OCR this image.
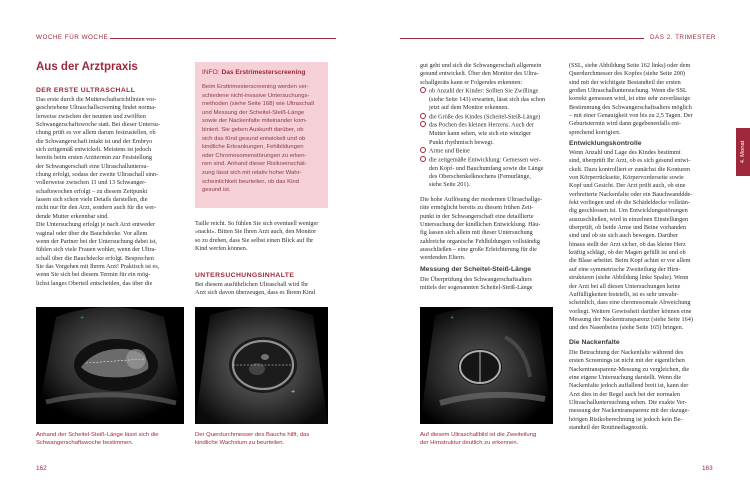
WOCHE FÜR WOCHE	DAS 2. TRIMESTER
4. Monat
Aus der Arztpraxis
DER ERSTE ULTRASCHALL

Das erste durch die Mutterschaftsrichtlinien vor-

geschriebene Ultraschallscreening findet norma-

lerweise zwischen der neunten und zwölften

Schwangerschaftswoche statt. Bei dieser Untersu-

chung prüft es vor allem darum festzustellen, ob

die Schwangerschaft intakt ist und der Embryo

sich zeitgemäß entwickelt. Meistens ist jedoch

bereits beim ersten Arzttermin zur Feststellung

der Schwangerschaft eine Ultraschalluntersu-

chung erfolgt, sodass der zweite Ultraschall sinn-

vollerweise zwischen 11 und 13 Schwanger-

schaftswochen erfolgt – zu diesem Zeitpunkt

lassen sich schon viele Details darstellen, die

nicht nur für den Arzt, sondern auch für die wer-

dende Mutter erkennbar sind.

Die Untersuchung erfolgt je nach Arzt entweder

vaginal oder über die Bauchdecke. Vor allem

wenn der Partner bei der Untersuchung dabei ist,

fühlen sich viele Frauen wohler, wenn der Ultra-

schall über die Bauchdecke erfolgt. Besprechen

Sie das Vorgehen mit Ihrem Arzt! Praktisch ist es,

wenn Sie sich bei diesem Termin für ein mög-

lichst langes Oberteil entscheiden, das über die

INFO: Das Erstrimesterscreening

Beim Ersttrimesterscreening werden ver-

schiedene nicht-invasive Untersuchungs-

methoden (siehe Seite 168) wie Ultraschall

und Messung der Scheitel-Steiß-Länge

sowie der Nackenfalte miteinander kom-

biniert. Sie geben Auskunft darüber, ob

sich das Kind gesund entwickelt und ob

kindliche Erkrankungen, Fehlbildungen

oder Chromosomenstörungen zu erken-

nen sind. Anhand dieser Risikoeinschät-

zung lässt sich mit relativ hoher Wahr-

scheinlichkeit beurteilen, ob das Kind

gesund ist.

Taille reicht. So fühlen Sie sich eventuell weniger

»nackt«. Bitten Sie Ihren Arzt auch, den Monitor

so zu drehen, dass Sie selbst einen Blick auf Ihr

Kind werfen können.

UNTERSUCHUNGSINHALTE

Bei diesem ausführlichen Ultraschall wird Ihr

Arzt sich davon überzeugen, dass es Ihrem Kind

gut geht und sich die Schwangerschaft allgemein

gesund entwickelt. Über den Monitor des Ultra-

schallgeräts kann er Folgendes erkennen:

ob Anzahl der Kinder: Sollten Sie Zwillinge

(siehe Seite 143) erwarten, lässt sich das schon

jetzt auf dem Monitor erkennen.

die Größe des Kindes (Scheitel-Steiß-Länge)

das Pochen des kleinen Herzens. Auch der

Mutter kann sehen, wie sich ein winziger

Punkt rhythmisch bewegt.

Arme und Beine

die zeitgemäße Entwicklung: Gemessen wer-

den Kopf- und Bauchumfang sowie die Länge

des Oberschenkelknochens (Femurlänge,

siehe Seite 201).

Die hohe Auflösung der modernen Ultraschallge-

räte ermöglicht bereits zu diesem frühen Zeit-

punkt in der Schwangerschaft eine detaillierte

Untersuchung der kindlichen Entwicklung. Häu-

fig lassen sich allein mit dieser Untersuchung

zahlreiche organische Fehlbildungen vollständig

ausschließen – eine große Erleichterung für die

werdenden Eltern.

Messung der Scheitel-Steiß-Länge

Die Überprüfung des Schwangerschaftsalters

mittels der sogenannten Scheitel-Steiß-Länge

(SSL, siehe Abbildung Seite 162 links) oder dem

Querdurchmesser des Kopfes (siehe Seite 200)

sind mit der wichtigste Bestandteil der ersten

großen Ultraschalluntersuchung. Wenn die SSL

korrekt gemessen wird, ist eine sehr zuverlässige

Bestimmung des Schwangerschaftsalters möglich

– mit einer Genauigkeit von bis zu 2,5 Tagen. Der

Geburtstermin wird dann gegebenenfalls ent-

sprechend korrigiert.

Entwicklungskontrolle

Wenn Anzahl und Lage des Kindes bestimmt

sind, überprüft Ihr Arzt, ob es sich gesund entwi-

ckelt. Dazu kontrolliert er zunächst die Konturen

von Körperrückseite, Körpervorderseite sowie

Kopf und Gesicht. Der Arzt prüft auch, ob eine

verbreiterte Nackenfalte oder ein Bauchwanddde-

fekt vorliegen und ob die Schädeldecke vollstän-

dig geschlossen ist. Um Entwicklungsstörungen

auszuschließen, wird in einzelnen Einstellungen

überprüft, ob beide Arme und Beine vorhanden

sind und ob sie sich auch bewegen. Darüber

hinaus stellt der Arzt sicher, ob das kleine Herz

kräftig schlägt, ob der Magen gefüllt ist und ob

die Blase arbeitet. Beim Kopf achtet er vor allem

auf eine symmetrische Zweiteilung der Hirn-

strukturen (siehe Abbildung linke Spalte). Wenn

der Arzt bei all diesen Untersuchungen keine

Auffälligkeiten feststellt, ist es sehr unwahr-

scheinlich, dass eine chromosomale Abweichung

vorliegt. Weitere Gewissheit darüber können eine

Messung der Nackentransparenz (siehe Seite 164)

und des Nasenbeins (siehe Seite 165) bringen.

Die Nackenfalte

Die Betrachtung der Nackenfalte während des

ersten Screenings ist nicht mit der eigentlichen

Nackentransparenz-Messung zu vergleichen, die

eine eigene Untersuchung darstellt. Wenn die

Nackenfalte jedoch auffallend breit ist, kann der

Arzt dies in der Regel auch bei der normalen

Ultraschalluntersuchung sehen. Die exakte Ver-

messung der Nackentransparenz mit der dazuge-

hörigen Risikoberechnung ist jedoch kein Be-

standteil der Routinediagnostik.

+

Anhand der Scheitel-Steiß-Länge lässt sich die

Schwangerschaftswoche bestimmen.

+

Der Querdurchmesser des Bauchs hilft, das

kindliche Wachstum zu beurteilen.

+

Auf diesem Ultraschallbild ist die Zweiteilung

der Hirnstruktur deutlich zu erkennen.

162	163
